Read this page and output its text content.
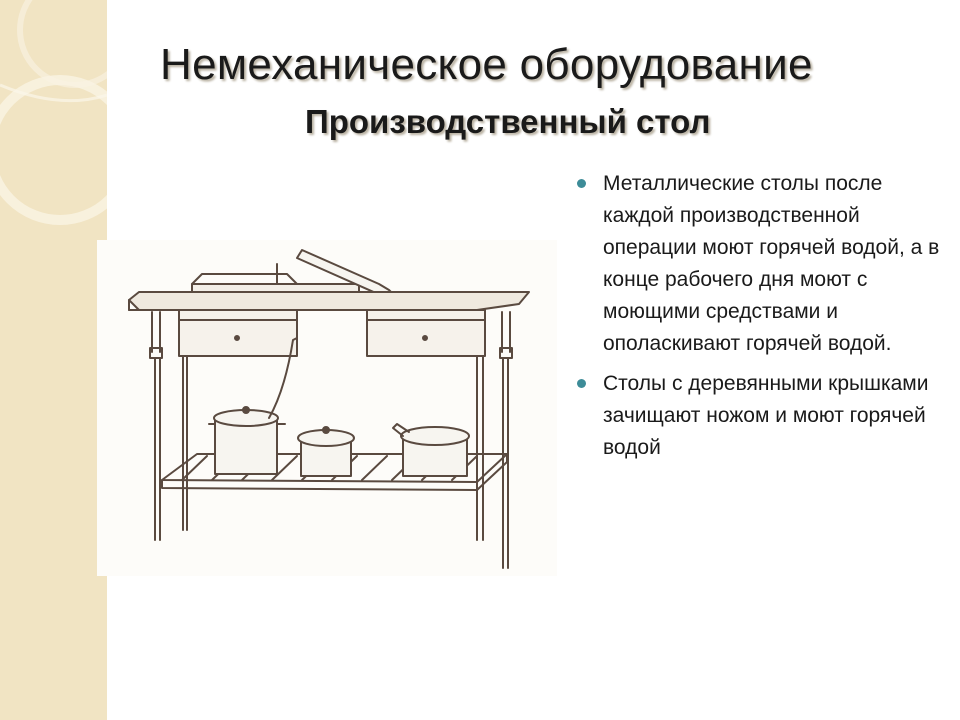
Немеханическое оборудование
Производственный стол
Металлические столы после каждой производственной операции моют горячей водой, а в конце рабочего дня моют с моющими средствами и ополаскивают горячей водой.
Столы с деревянными крышками зачищают ножом и моют горячей водой
